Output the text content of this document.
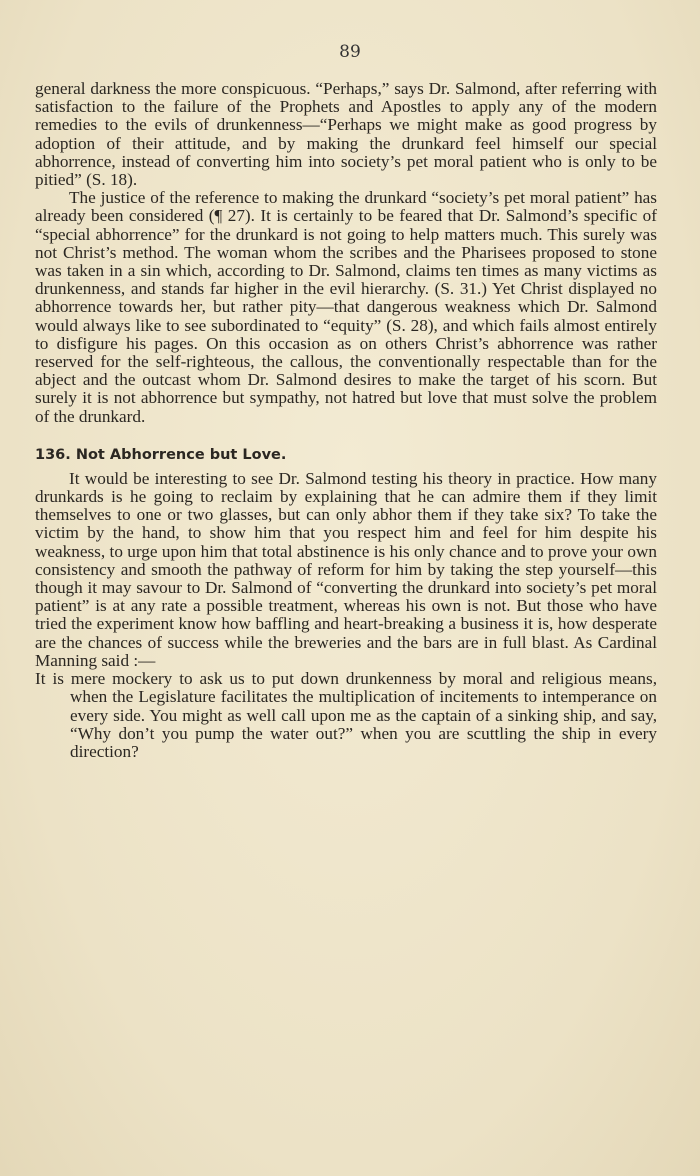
89

general darkness the more conspicuous. “Perhaps,” says Dr. Salmond, after referring with satisfaction to the failure of the Prophets and Apostles to apply any of the modern remedies to the evils of drunkenness—“Perhaps we might make as good progress by adoption of their attitude, and by making the drunkard feel himself our special abhorrence, instead of converting him into society’s pet moral patient who is only to be pitied” (S. 18).

The justice of the reference to making the drunkard “society’s pet moral patient” has already been considered (¶ 27). It is certainly to be feared that Dr. Salmond’s specific of “special abhorrence” for the drunkard is not going to help matters much. This surely was not Christ’s method. The woman whom the scribes and the Pharisees proposed to stone was taken in a sin which, according to Dr. Salmond, claims ten times as many victims as drunkenness, and stands far higher in the evil hierarchy. (S. 31.) Yet Christ displayed no abhorrence towards her, but rather pity—that dangerous weakness which Dr. Salmond would always like to see subordinated to “equity” (S. 28), and which fails almost entirely to disfigure his pages. On this occasion as on others Christ’s abhorrence was rather reserved for the self-righteous, the callous, the conventionally respectable than for the abject and the outcast whom Dr. Salmond desires to make the target of his scorn. But surely it is not abhorrence but sympathy, not hatred but love that must solve the problem of the drunkard.

136. Not Abhorrence but Love.

It would be interesting to see Dr. Salmond testing his theory in practice. How many drunkards is he going to reclaim by explaining that he can admire them if they limit themselves to one or two glasses, but can only abhor them if they take six? To take the victim by the hand, to show him that you respect him and feel for him despite his weakness, to urge upon him that total abstinence is his only chance and to prove your own consistency and smooth the pathway of reform for him by taking the step yourself—this though it may savour to Dr. Salmond of “converting the drunkard into society’s pet moral patient” is at any rate a possible treatment, whereas his own is not. But those who have tried the experiment know how baffling and heart-breaking a business it is, how desperate are the chances of success while the breweries and the bars are in full blast. As Cardinal Manning said :—

It is mere mockery to ask us to put down drunkenness by moral and religious means, when the Legislature facilitates the multiplication of incitements to intemperance on every side. You might as well call upon me as the captain of a sinking ship, and say, “Why don’t you pump the water out?” when you are scuttling the ship in every direction?
